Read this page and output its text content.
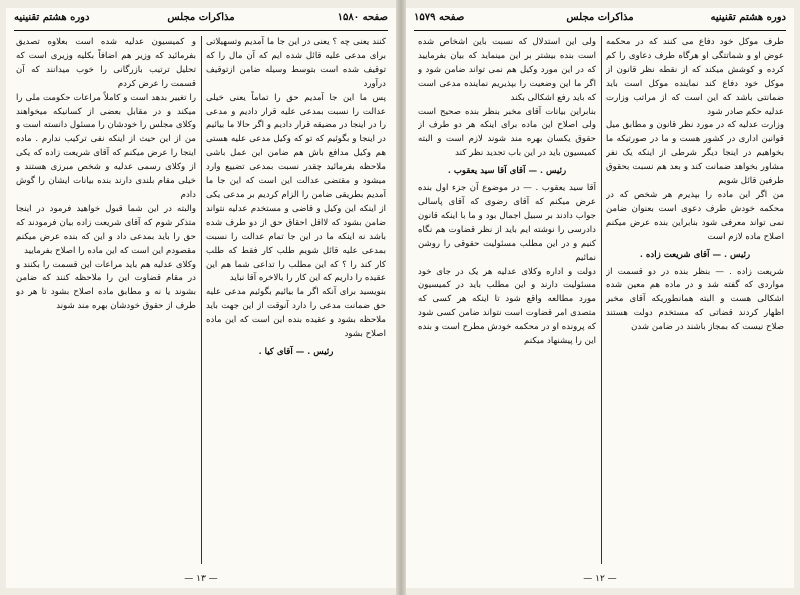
صفحه ۱۵۸۰
مذاکرات مجلس
دوره هشتم تقنینیه

کنند یعنی چه ؟ یعنی در این جا ما آمدیم وتسهیلاتی برای مدعی علیه قائل شده ایم که آن مال را که توقیف شده است بتوسط وسیله ضامن ازتوقیف درآورد

پس ما این جا آمدیم حق را تماماً یعنی خیلی عدالت را نسبت بمدعی علیه قرار دادیم و مدعی را در اینجا در مضیقه قرار دادیم و اگر حالا ما بیائیم در اینجا و بگوئیم که تو که وکیل مدعی علیه هستی هم وکیل مدافع باش هم ضامن این عمل باشی ملاحظه بفرمائید چقدر نسبت بمدعی تضییع وارد میشود و مقتضی عدالت این است که این جا ما آمدیم بطریقی ضامن را الزام کردیم بر مدعی یکی از اینکه این وکیل و قاضی و مستخدم عدلیه نتواند ضامن بشود که لااقل احقاق حق از دو طرف شده باشد نه اینکه ما در این جا تمام عدالت را نسبت بمدعی علیه قائل شویم طلب کار فقط که طلب کار کند را ؟ که این مطلب را تداعی شما هم این عقیده را داریم که این کار را بالاخره آقا نباید

بنویسید برای آنکه اگر ما بیائیم بگوئیم مدعی علیه حق ضمانت مدعی را دارد آنوقت از این جهت باید ملاحظه بشود و عقیده بنده این است که این ماده اصلاح بشود

رئیس . — آقای کیا .

و کمیسیون عدلیه شده است بعلاوه تصدیق بفرمائید که وزیر هم اضافاً بکلیه وزیری است که تحلیل ترتیب بازرگانی را خوب میدانند که آن قسمت را عرض کردم

را تغییر بدهد است و کاملاً مراعات حکومت ملی را میکند و در مقابل بعضی از کسانیکه میخواهند وکلای مجلس را خودشان را مسئول دانسته است و من از این حیث از اینکه نفی ترکیب ندارم . ماده اینجا را عرض میکنم که آقای شریعت زاده که یکی از وکلای رسمی عدلیه و شخص مبرزی هستند و خیلی مقام بلندی دارند بنده بیانات ایشان را گوش دادم

والبته در این شما قبول خواهید فرمود در اینجا متذکر شوم که آقای شریعت زاده بیان فرمودند که حق را باید بمدعی داد و این که بنده عرض میکنم مقصودم این است که این ماده را اصلاح بفرمایید

وکلای عدلیه هم باید مراعات این قسمت را بکنند و در مقام قضاوت این را ملاحظه کنند که ضامن بشوند یا نه و مطابق ماده اصلاح بشود تا هر دو طرف از حقوق خودشان بهره مند شوند

— ۱۳ —
دوره هشتم تقنینیه
مذاکرات مجلس
صفحه ۱۵۷۹

طرف موکل خود دفاع می کنند که در محکمه عوض او و شماتتگی او هرگاه طرف دعاوی را کم کرده و کوشش میکند که از نقطه نظر قانون از موکل خود دفاع کند نماینده موکل است باید ضمانتی باشد که این است که از مراتب وزارت عدلیه حکم صادر شود

وزارت عدلیه که در مورد نظر قانون و مطابق میل قوانین اداری در کشور هست و ما در صورتیکه ما بخواهیم در اینجا دیگر شرطی از اینکه یک نفر مشاور بخواهد ضمانت کند و بعد هم نسبت بحقوق طرفین قائل شویم

من اگر این ماده را بپذیرم هر شخص که در محکمه خودش طرف دعوی است بعنوان ضامن نمی تواند معرفی شود بنابراین بنده عرض میکنم اصلاح ماده لازم است

رئیس . — آقای شریعت زاده .

شریعت زاده . — بنظر بنده در دو قسمت از مواردی که گفته شد و در ماده هم معین شده اشکالی هست و البته همانطوریکه آقای مخبر اظهار کردند قضاتی که مستخدم دولت هستند صلاح نیست که بمجاز باشند در ضامن شدن

ولی این استدلال که نسبت باین اشخاص شده است بنده بیشتر بر این مینماید که بیان بفرمایید که در این مورد وکیل هم نمی تواند ضامن شود و اگر ما این وضعیت را بپذیریم نماینده مدعی است که باید رفع اشکالی بکند

بنابراین بیانات آقای مخبر بنظر بنده صحیح است ولی اصلاح این ماده برای اینکه هر دو طرف از حقوق یکسان بهره مند شوند لازم است و البته کمیسیون باید در این باب تجدید نظر کند

رئیس . — آقای آقا سید یعقوب .

آقا سید یعقوب . — در موضوع آن جزء اول بنده عرض میکنم که آقای رضوی که آقای پاسالی جواب دادند بر سبیل اجمال بود و ما با اینکه قانون دادرسی را نوشته ایم باید از نظر قضاوت هم نگاه کنیم و در این مطلب مسئولیت حقوقی را روشن نمائیم

دولت و اداره وکلای عدلیه هر یک در جای خود مسئولیت دارند و این مطلب باید در کمیسیون مورد مطالعه واقع شود تا اینکه هر کسی که متصدی امر قضاوت است نتواند ضامن کسی شود که پرونده او در محکمه خودش مطرح است و بنده این را پیشنهاد میکنم

— ۱۲ —
